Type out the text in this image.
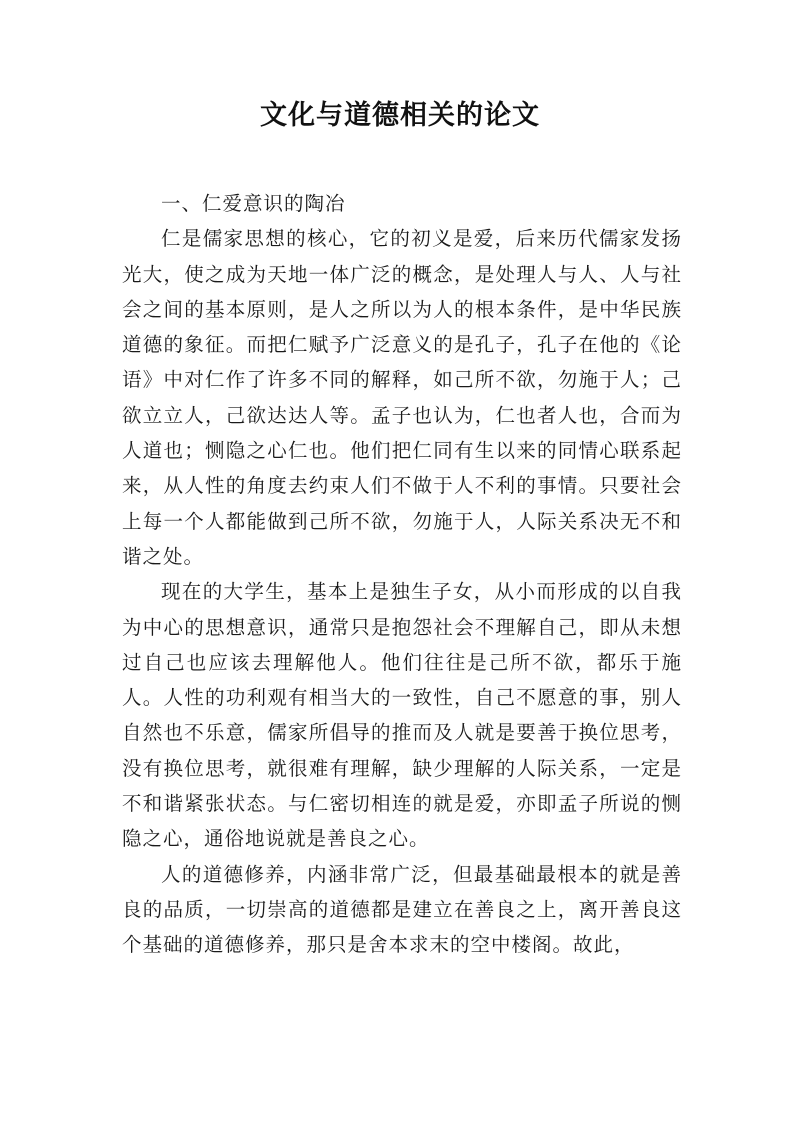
文化与道德相关的论文

一、仁爱意识的陶冶

仁是儒家思想的核心，它的初义是爱，后来历代儒家发扬光大，使之成为天地一体广泛的概念，是处理人与人、人与社会之间的基本原则，是人之所以为人的根本条件，是中华民族道德的象征。而把仁赋予广泛意义的是孔子，孔子在他的《论语》中对仁作了许多不同的解释，如己所不欲，勿施于人；己欲立立人，己欲达达人等。孟子也认为，仁也者人也，合而为人道也；恻隐之心仁也。他们把仁同有生以来的同情心联系起来，从人性的角度去约束人们不做于人不利的事情。只要社会上每一个人都能做到己所不欲，勿施于人，人际关系决无不和谐之处。

现在的大学生，基本上是独生子女，从小而形成的以自我为中心的思想意识，通常只是抱怨社会不理解自己，即从未想过自己也应该去理解他人。他们往往是己所不欲，都乐于施人。人性的功利观有相当大的一致性，自己不愿意的事，别人自然也不乐意，儒家所倡导的推而及人就是要善于换位思考，没有换位思考，就很难有理解，缺少理解的人际关系，一定是不和谐紧张状态。与仁密切相连的就是爱，亦即孟子所说的恻隐之心，通俗地说就是善良之心。

人的道德修养，内涵非常广泛，但最基础最根本的就是善良的品质，一切崇高的道德都是建立在善良之上，离开善良这个基础的道德修养，那只是舍本求末的空中楼阁。故此，
